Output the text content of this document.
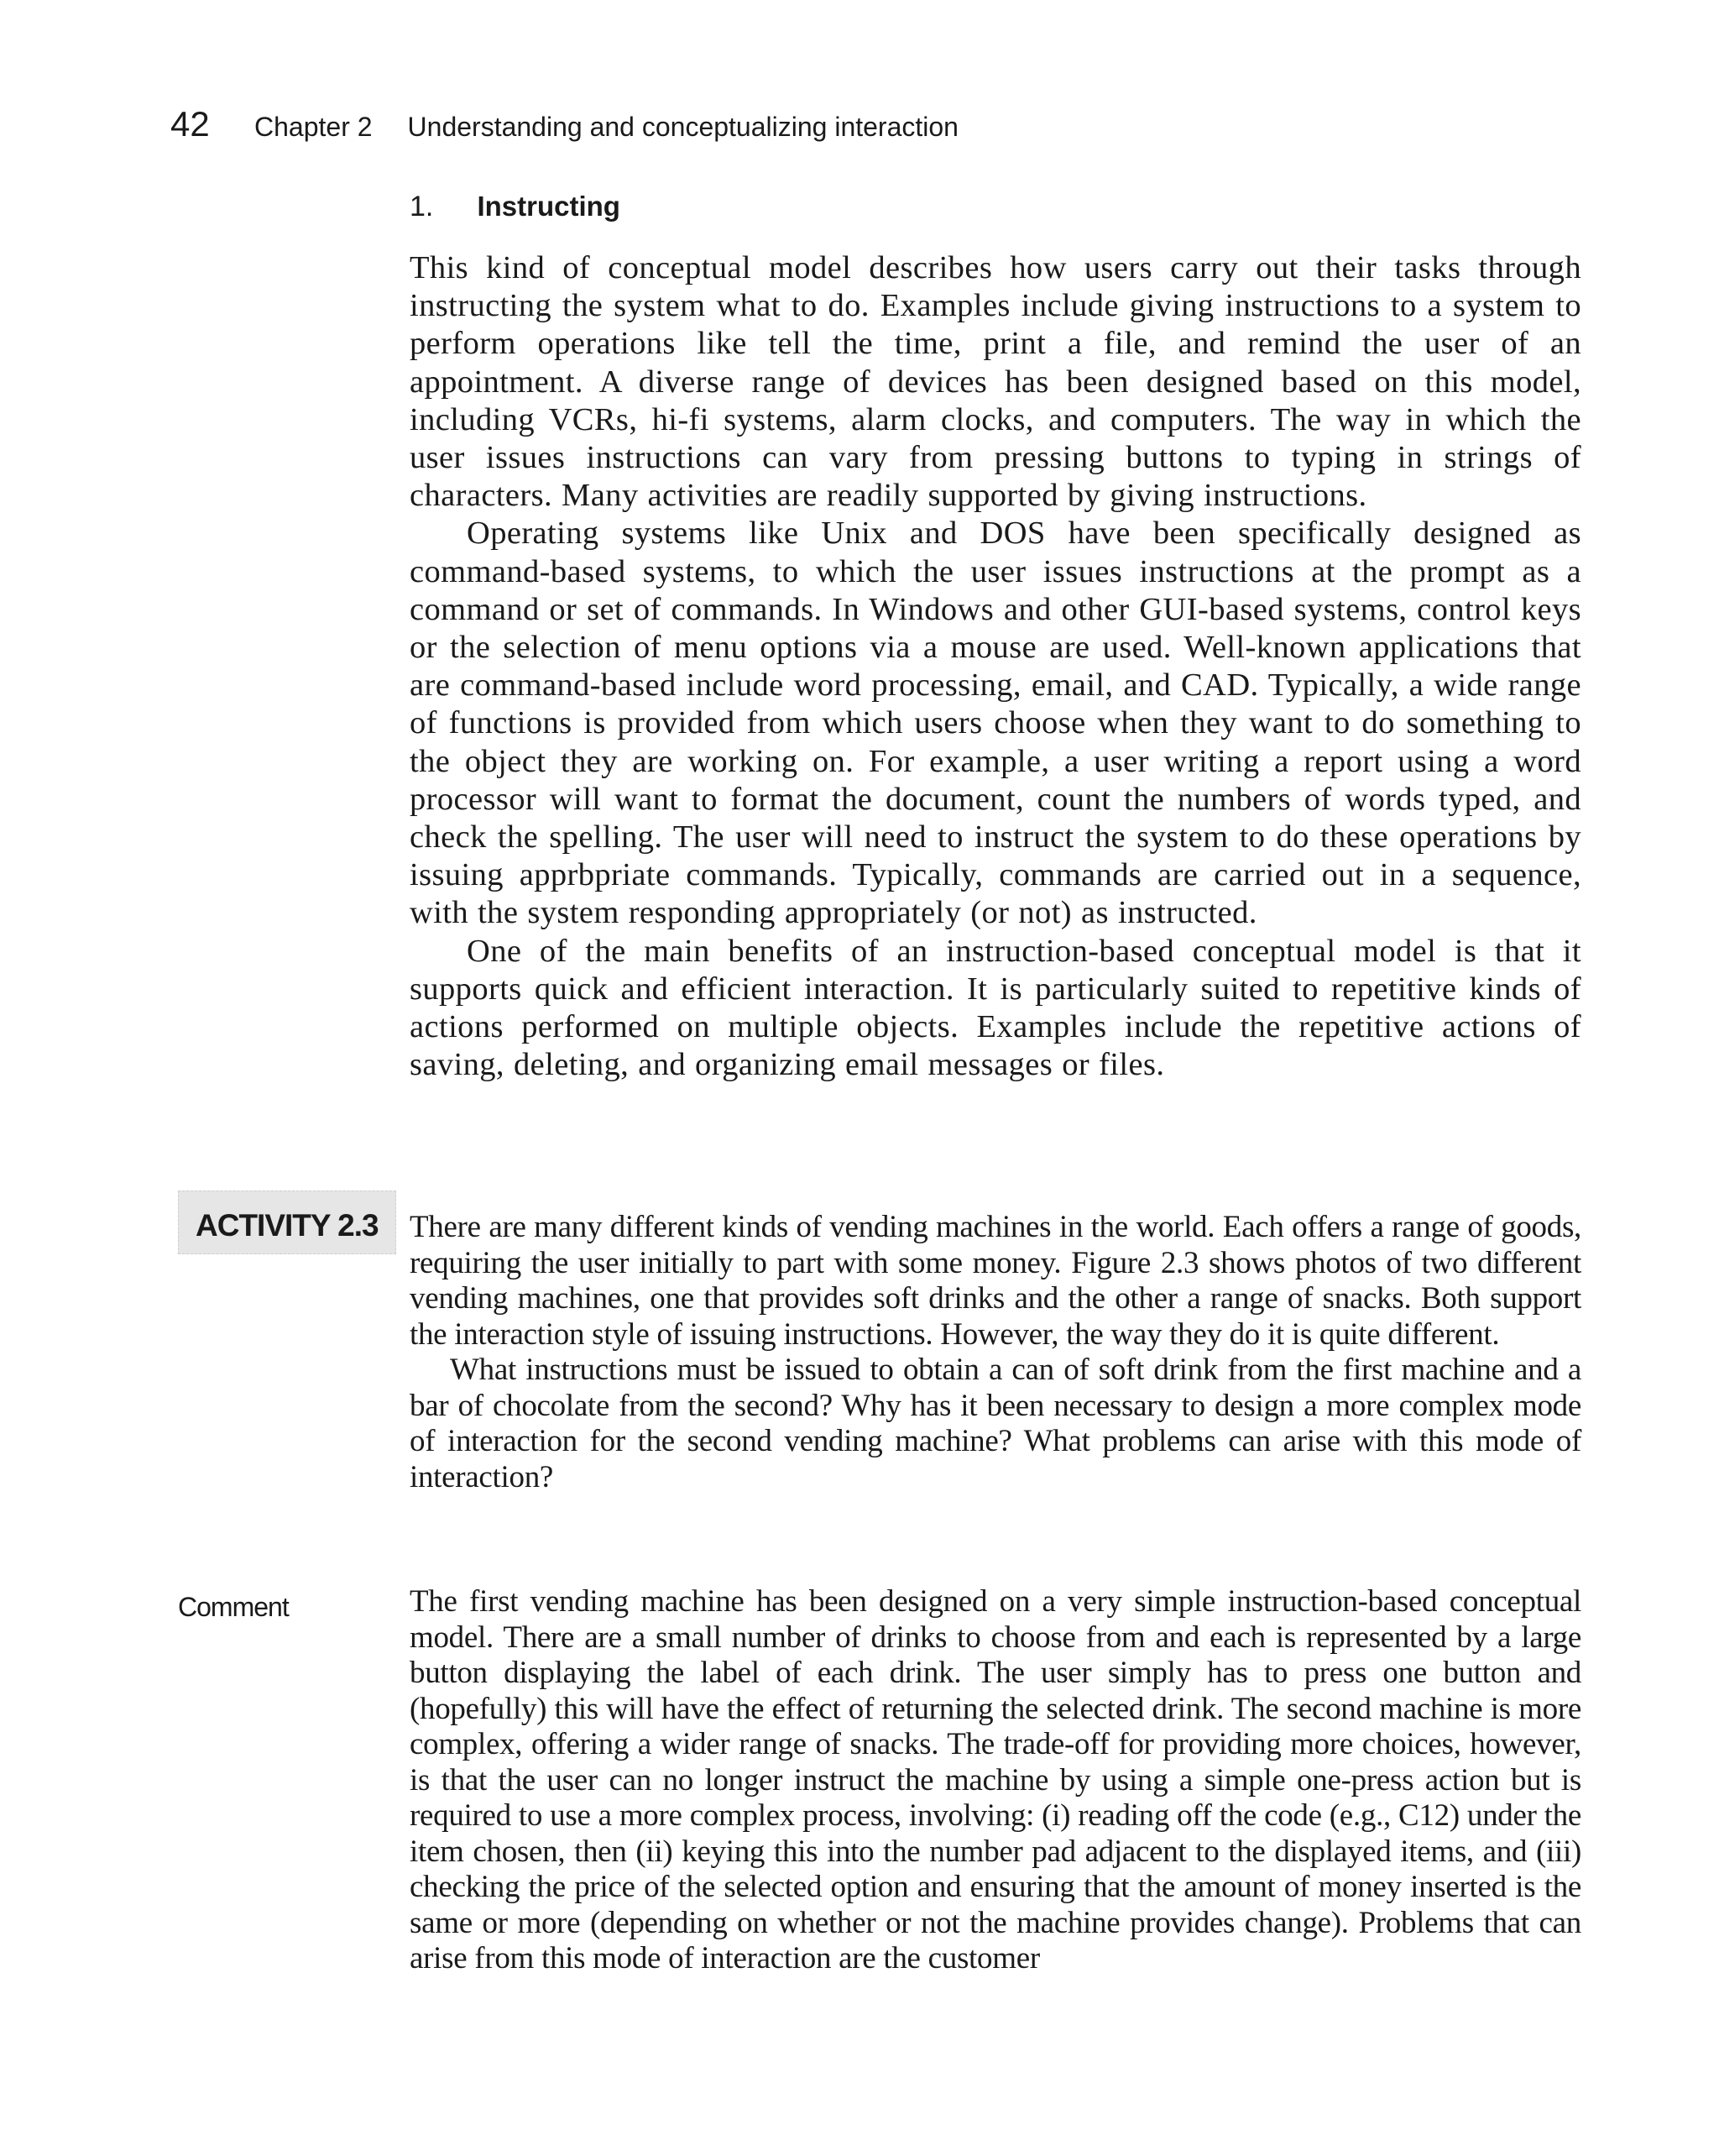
42	Chapter 2 Understanding and conceptualizing interaction
1. Instructing

This kind of conceptual model describes how users carry out their tasks through instructing the system what to do. Examples include giving instructions to a system to perform operations like tell the time, print a file, and remind the user of an appointment. A diverse range of devices has been designed based on this model, including VCRs, hi-fi systems, alarm clocks, and computers. The way in which the user issues instructions can vary from pressing buttons to typing in strings of characters. Many activities are readily supported by giving instructions.

Operating systems like Unix and DOS have been specifically designed as command-based systems, to which the user issues instructions at the prompt as a command or set of commands. In Windows and other GUI-based systems, control keys or the selection of menu options via a mouse are used. Well-known applications that are command-based include word processing, email, and CAD. Typically, a wide range of functions is provided from which users choose when they want to do something to the object they are working on. For example, a user writing a report using a word processor will want to format the document, count the numbers of words typed, and check the spelling. The user will need to instruct the system to do these operations by issuing apprbpriate commands. Typically, commands are carried out in a sequence, with the system responding appropriately (or not) as instructed.

One of the main benefits of an instruction-based conceptual model is that it supports quick and efficient interaction. It is particularly suited to repetitive kinds of actions performed on multiple objects. Examples include the repetitive actions of saving, deleting, and organizing email messages or files.

ACTIVITY 2.3 There are many different kinds of vending machines in the world. Each offers a range of goods, requiring the user initially to part with some money. Figure 2.3 shows photos of two different vending machines, one that provides soft drinks and the other a range of snacks. Both support the interaction style of issuing instructions. However, the way they do it is quite different.

What instructions must be issued to obtain a can of soft drink from the first machine and a bar of chocolate from the second? Why has it been necessary to design a more complex mode of interaction for the second vending machine? What problems can arise with this mode of interaction?

Comment	The first vending machine has been designed on a very simple instruction-based conceptual model. There are a small number of drinks to choose from and each is represented by a large button displaying the label of each drink. The user simply has to press one button and (hopefully) this will have the effect of returning the selected drink. The second machine is more complex, offering a wider range of snacks. The trade-off for providing more choices, however, is that the user can no longer instruct the machine by using a simple one-press action but is required to use a more complex process, involving: (i) reading off the code (e.g., C12) under the item chosen, then (ii) keying this into the number pad adjacent to the displayed items, and (iii) checking the price of the selected option and ensuring that the amount of money inserted is the same or more (depending on whether or not the machine provides change). Problems that can arise from this mode of interaction are the customer
